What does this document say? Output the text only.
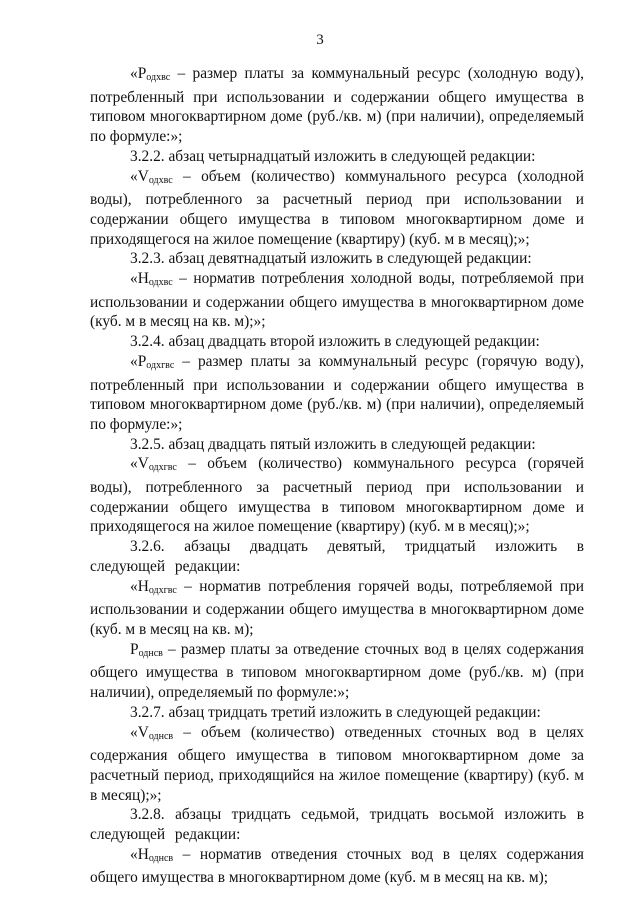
3

«Pодхвс – размер платы за коммунальный ресурс (холодную воду), потребленный при использовании и содержании общего имущества в типовом многоквартирном доме (руб./кв. м) (при наличии), определяемый по формуле:»;

3.2.2. абзац четырнадцатый изложить в следующей редакции:

«Vодхвс – объем (количество) коммунального ресурса (холодной воды), потребленного за расчетный период при использовании и содержании общего имущества в типовом многоквартирном доме и приходящегося на жилое помещение (квартиру) (куб. м в месяц);»;

3.2.3. абзац девятнадцатый изложить в следующей редакции:

«Нодхвс – норматив потребления холодной воды, потребляемой при использовании и содержании общего имущества в многоквартирном доме (куб. м в месяц на кв. м);»;

3.2.4. абзац двадцать второй изложить в следующей редакции:

«Pодхгвс – размер платы за коммунальный ресурс (горячую воду), потребленный при использовании и содержании общего имущества в типовом многоквартирном доме (руб./кв. м) (при наличии), определяемый по формуле:»;

3.2.5. абзац двадцать пятый изложить в следующей редакции:

«Vодхгвс – объем (количество) коммунального ресурса (горячей воды), потребленного за расчетный период при использовании и содержании общего имущества в типовом многоквартирном доме и приходящегося на жилое помещение (квартиру) (куб. м в месяц);»;

3.2.6. абзацы двадцать девятый, тридцатый изложить в следующей редакции:

«Нодхгвс – норматив потребления горячей воды, потребляемой при использовании и содержании общего имущества в многоквартирном доме (куб. м в месяц на кв. м);

Pоднсв – размер платы за отведение сточных вод в целях содержания общего имущества в типовом многоквартирном доме (руб./кв. м) (при наличии), определяемый по формуле:»;

3.2.7. абзац тридцать третий изложить в следующей редакции:

«Vоднсв – объем (количество) отведенных сточных вод в целях содержания общего имущества в типовом многоквартирном доме за расчетный период, приходящийся на жилое помещение (квартиру) (куб. м в месяц);»;

3.2.8. абзацы тридцать седьмой, тридцать восьмой изложить в следующей редакции:

«Ноднсв – норматив отведения сточных вод в целях содержания общего имущества в многоквартирном доме (куб. м в месяц на кв. м);
